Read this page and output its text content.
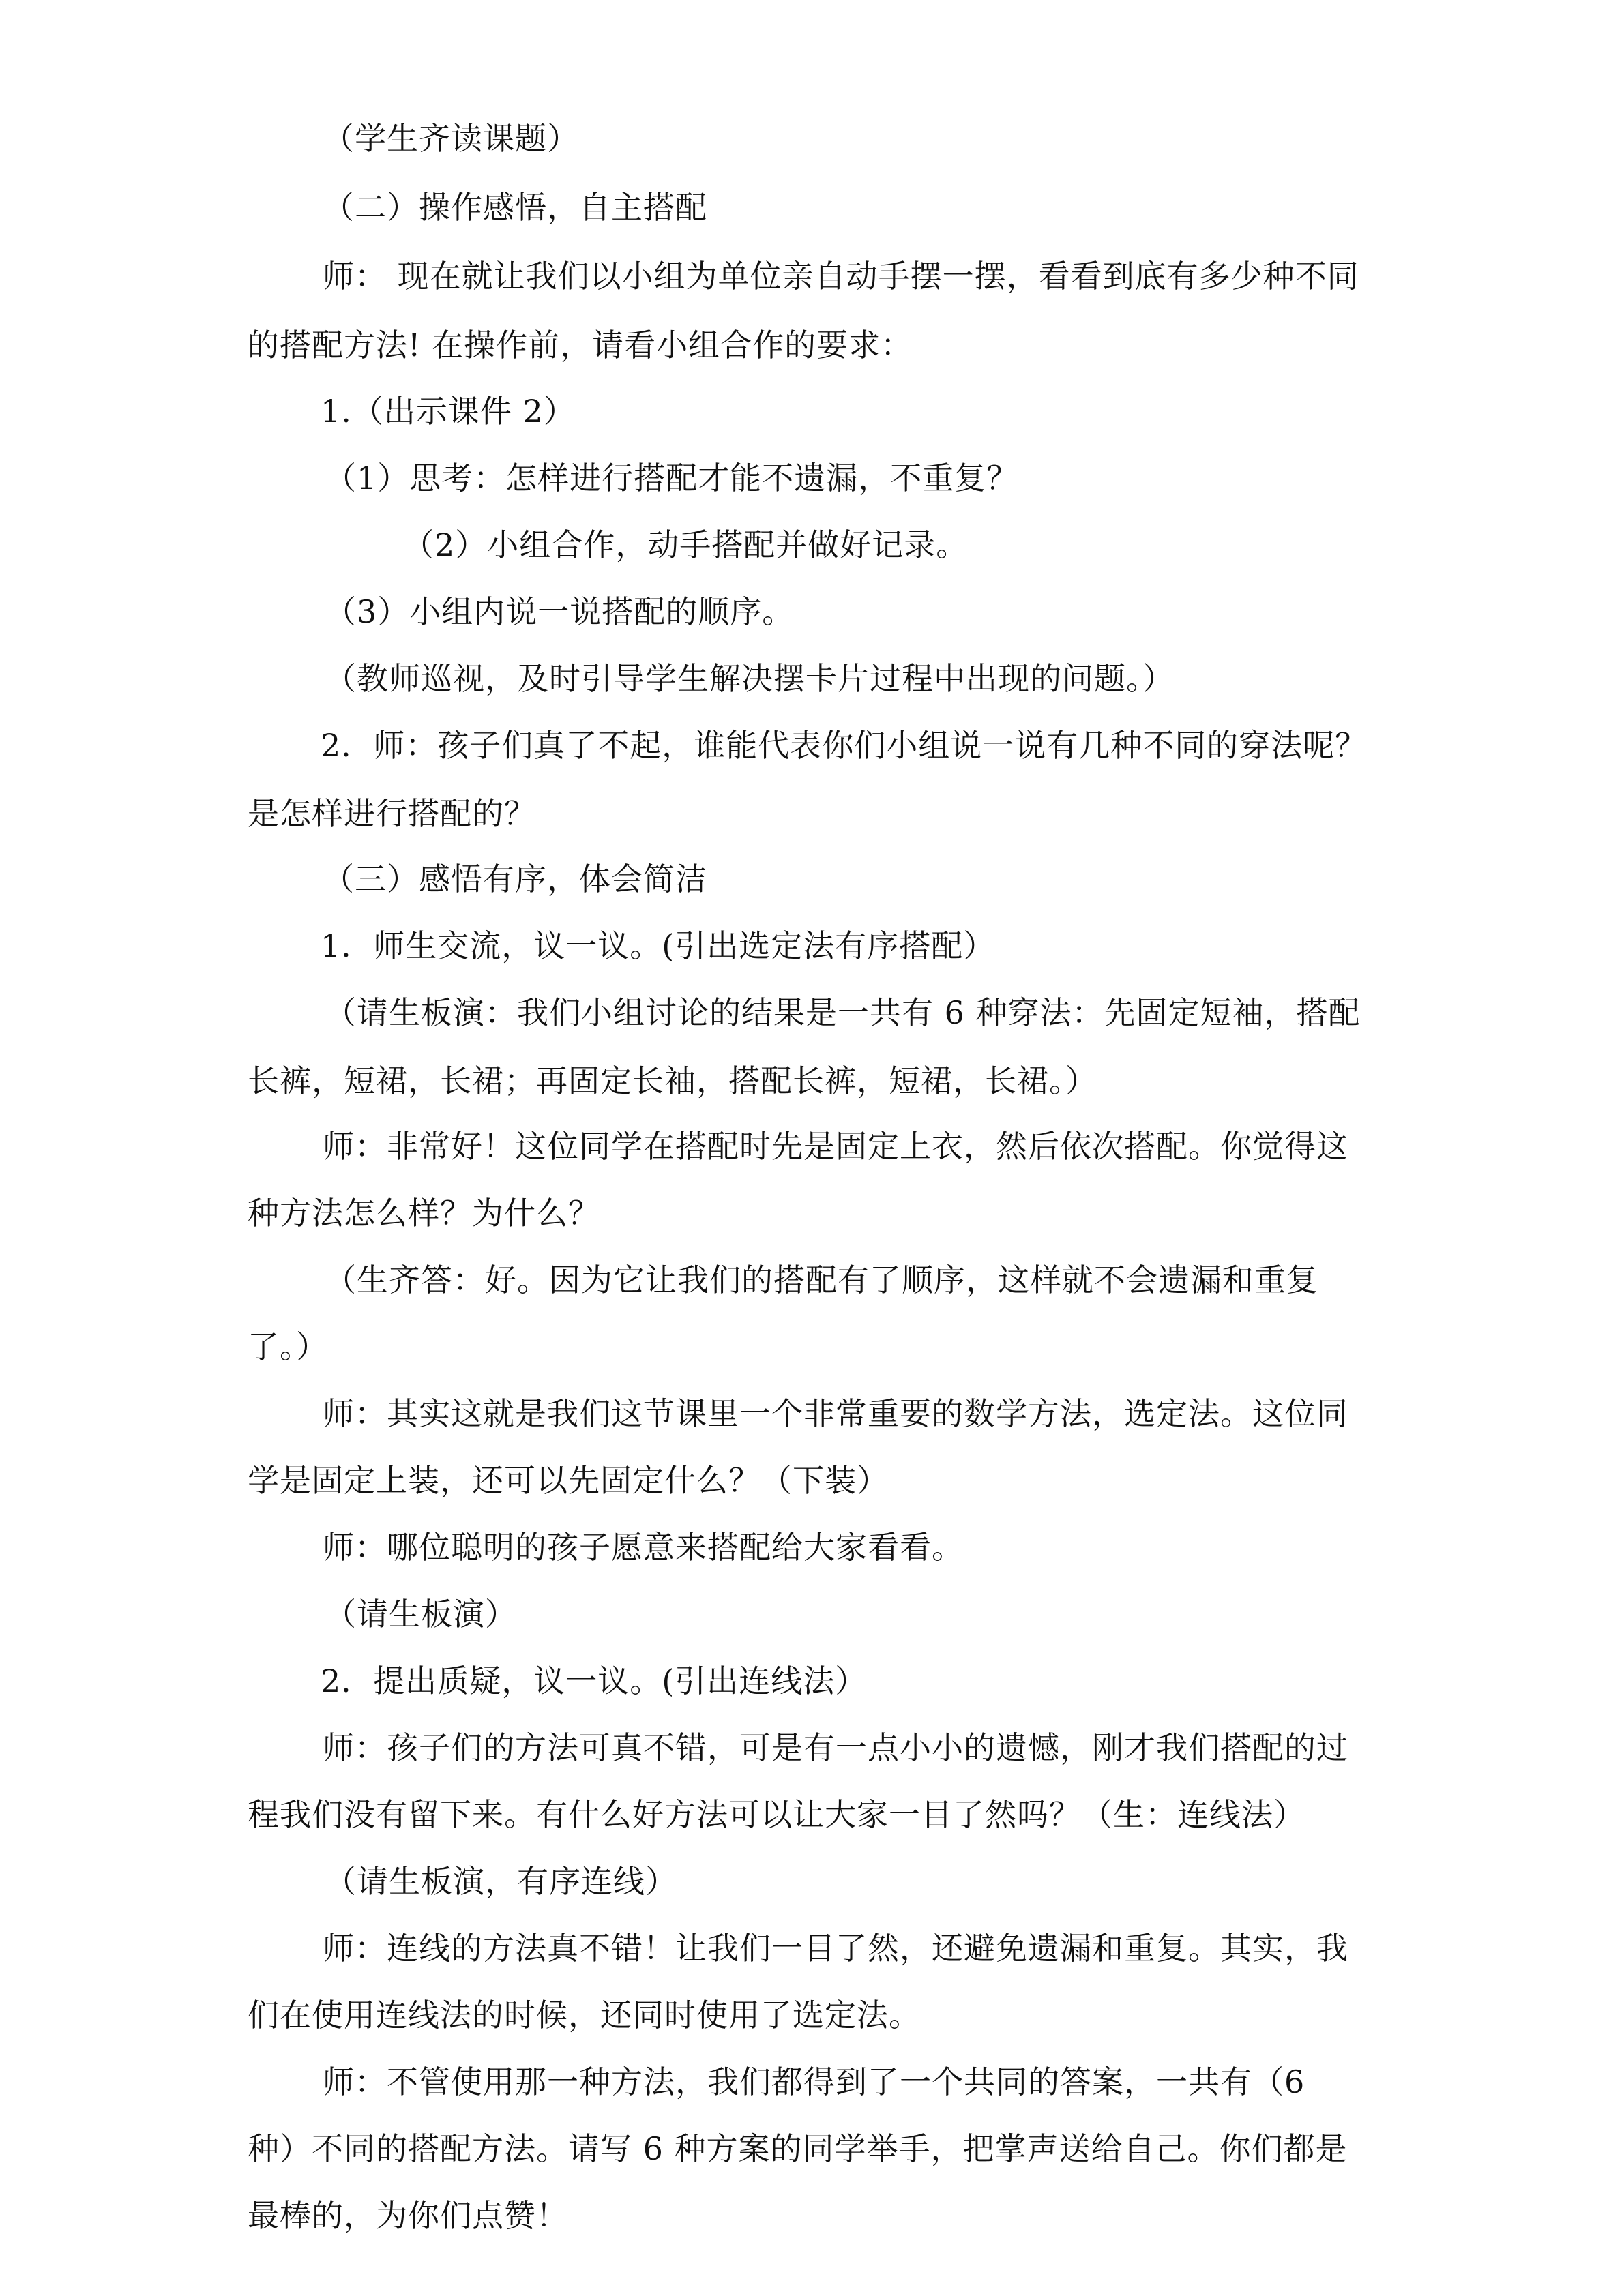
（学生齐读课题）
（二）操作感悟，自主搭配
师： 现在就让我们以小组为单位亲自动手摆一摆，看看到底有多少种不同
的搭配方法! 在操作前，请看小组合作的要求：
1.（出示课件 2）
（1）思考：怎样进行搭配才能不遗漏，不重复？
（2）小组合作，动手搭配并做好记录。
（3）小组内说一说搭配的顺序。
（教师巡视，及时引导学生解决摆卡片过程中出现的问题。）
2．师：孩子们真了不起，谁能代表你们小组说一说有几种不同的穿法呢？
是怎样进行搭配的？
（三）感悟有序，体会简洁
1．师生交流，议一议。(引出选定法有序搭配）
（请生板演：我们小组讨论的结果是一共有 6 种穿法：先固定短袖，搭配
长裤，短裙，长裙；再固定长袖，搭配长裤，短裙，长裙。）
师：非常好！这位同学在搭配时先是固定上衣，然后依次搭配。你觉得这
种方法怎么样？为什么？
（生齐答：好。因为它让我们的搭配有了顺序，这样就不会遗漏和重复
了。）
师：其实这就是我们这节课里一个非常重要的数学方法，选定法。这位同
学是固定上装，还可以先固定什么？（下装）
师：哪位聪明的孩子愿意来搭配给大家看看。
（请生板演）
2．提出质疑，议一议。(引出连线法）
师：孩子们的方法可真不错，可是有一点小小的遗憾，刚才我们搭配的过
程我们没有留下来。有什么好方法可以让大家一目了然吗？（生：连线法）
（请生板演，有序连线）
师：连线的方法真不错！让我们一目了然，还避免遗漏和重复。其实，我
们在使用连线法的时候，还同时使用了选定法。
师：不管使用那一种方法，我们都得到了一个共同的答案，一共有（6
种）不同的搭配方法。请写 6 种方案的同学举手，把掌声送给自己。你们都是
最棒的，为你们点赞！
